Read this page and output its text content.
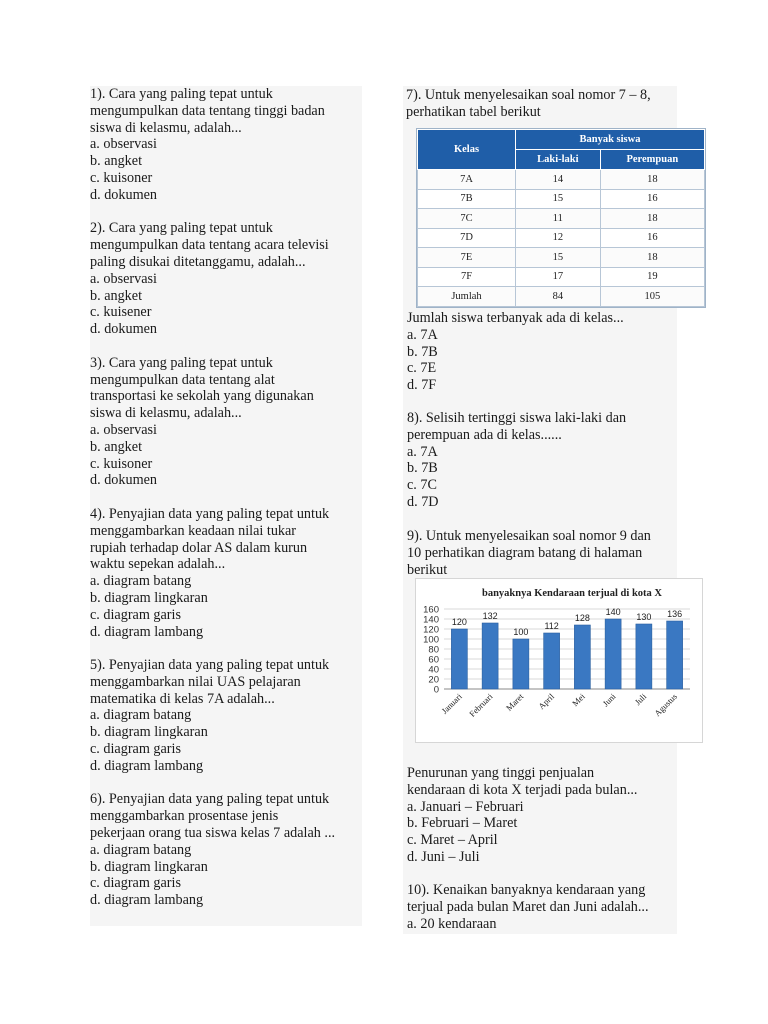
1). Cara yang paling tepat untuk
mengumpulkan data tentang tinggi badan
siswa di kelasmu, adalah...
a. observasi
b. angket
c. kuisoner
d. dokumen
2). Cara yang paling tepat untuk
mengumpulkan data tentang acara televisi
paling disukai ditetanggamu, adalah...
a. observasi
b. angket
c. kuisener
d. dokumen
3). Cara yang paling tepat untuk
mengumpulkan data tentang alat
transportasi ke sekolah yang digunakan
siswa di kelasmu, adalah...
a. observasi
b. angket
c. kuisoner
d. dokumen
4). Penyajian data yang paling tepat untuk
menggambarkan keadaan nilai tukar
rupiah terhadap dolar AS dalam kurun
waktu sepekan adalah...
a. diagram batang
b. diagram lingkaran
c. diagram garis
d. diagram lambang
5). Penyajian data yang paling tepat untuk
menggambarkan nilai UAS pelajaran
matematika di kelas 7A adalah...
a. diagram batang
b. diagram lingkaran
c. diagram garis
d. diagram lambang
6). Penyajian data yang paling tepat untuk
menggambarkan prosentase jenis
pekerjaan orang tua siswa kelas 7 adalah ...
a. diagram batang
b. diagram lingkaran
c. diagram garis
d. diagram lambang
7). Untuk menyelesaikan soal nomor 7 – 8,
perhatikan tabel berikut
Kelas	Banyak siswa	
	Laki-laki	Perempuan
7A	14	18
7B	15	16
7C	11	18
7D	12	16
7E	15	18
7F	17	19
Jumlah	84	105
Jumlah siswa terbanyak ada di kelas...
a. 7A
b. 7B
c. 7E
d. 7F
8). Selisih tertinggi siswa laki-laki dan
perempuan ada di kelas......
a. 7A
b. 7B
c. 7C
d. 7D
9). Untuk menyelesaikan soal nomor 9 dan
10 perhatikan diagram batang di halaman
berikut
banyaknya Kendaraan terjual di kota X
0
20
40
60
80
100
120
140
160
120
Januari
132
Februari
100
Maret
112
April
128
Mei
140
Juni
130
Juli
136
Agustus
Penurunan yang tinggi penjualan
kendaraan di kota X terjadi pada bulan...
a. Januari – Februari
b. Februari – Maret
c. Maret – April
d. Juni – Juli
10). Kenaikan banyaknya kendaraan yang
terjual pada bulan Maret dan Juni adalah...
a. 20 kendaraan
